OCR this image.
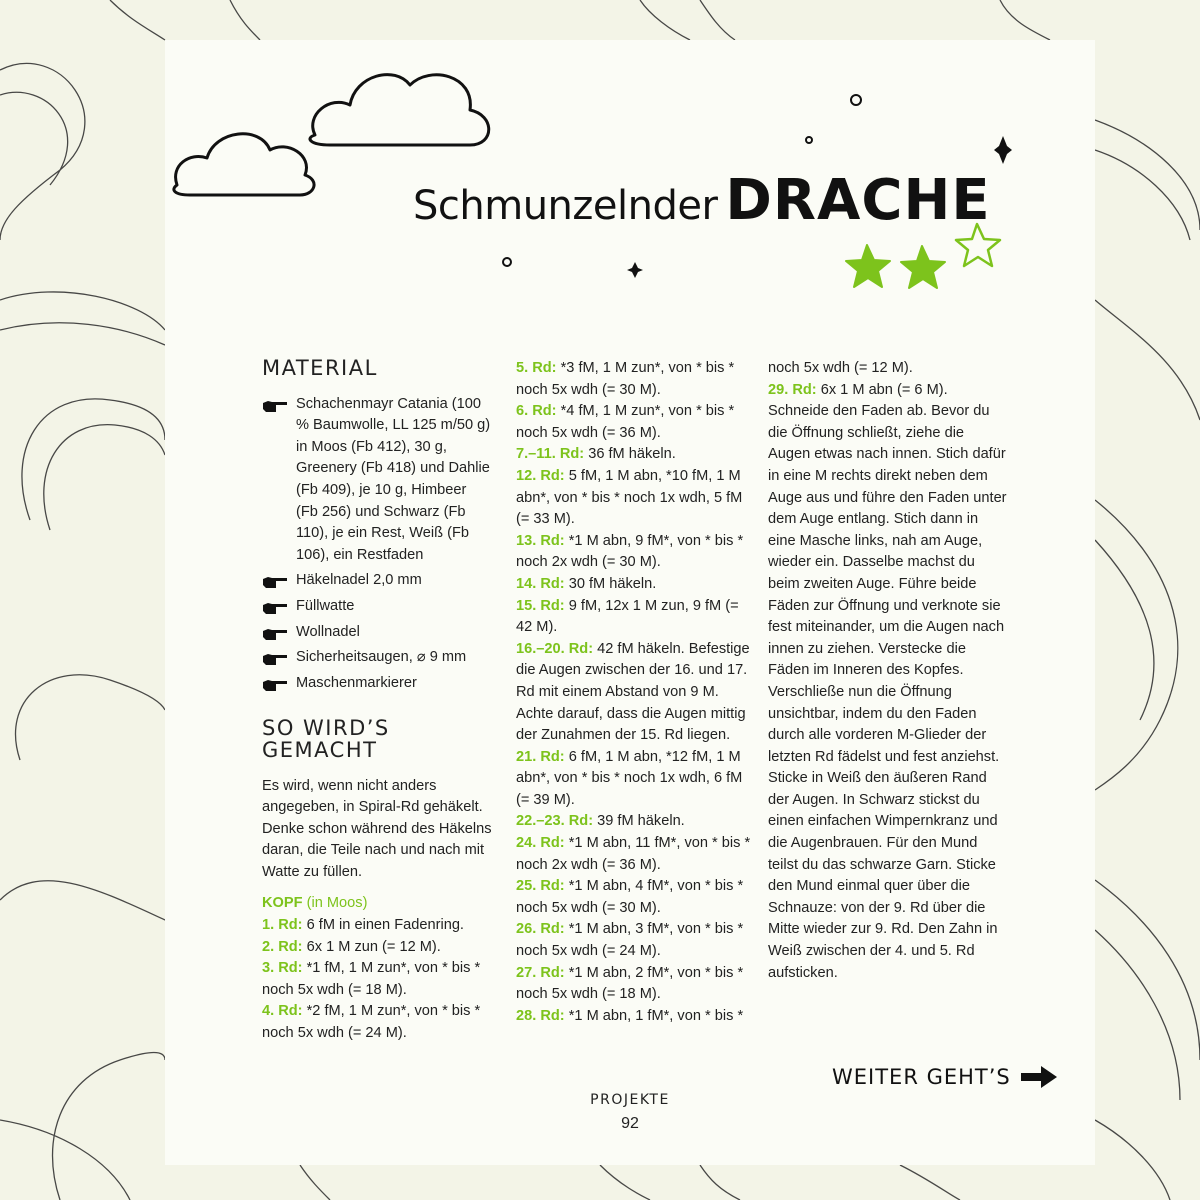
Schmunzelnder DRACHE
MATERIAL
Schachenmayr Catania (100 % Baumwolle, LL 125 m/50 g) in Moos (Fb 412), 30 g, Greenery (Fb 418) und Dahlie (Fb 409), je 10 g, Himbeer (Fb 256) und Schwarz (Fb 110), je ein Rest, Weiß (Fb 106), ein Restfaden
Häkelnadel 2,0 mm
Füllwatte
Wollnadel
Sicherheitsaugen, ⌀ 9 mm
Maschenmarkierer
SO WIRD’S GEMACHT

Es wird, wenn nicht anders angegeben, in Spiral-Rd gehäkelt. Denke schon während des Häkelns daran, die Teile nach und nach mit Watte zu füllen.

KOPF (in Moos)

1. Rd: 6 fM in einen Fadenring.

2. Rd: 6x 1 M zun (= 12 M).

3. Rd: *1 fM, 1 M zun*, von * bis * noch 5x wdh (= 18 M).

4. Rd: *2 fM, 1 M zun*, von * bis * noch 5x wdh (= 24 M).

5. Rd: *3 fM, 1 M zun*, von * bis * noch 5x wdh (= 30 M).

6. Rd: *4 fM, 1 M zun*, von * bis * noch 5x wdh (= 36 M).

7.–11. Rd: 36 fM häkeln.

12. Rd: 5 fM, 1 M abn, *10 fM, 1 M abn*, von * bis * noch 1x wdh, 5 fM (= 33 M).

13. Rd: *1 M abn, 9 fM*, von * bis * noch 2x wdh (= 30 M).

14. Rd: 30 fM häkeln.

15. Rd: 9 fM, 12x 1 M zun, 9 fM (= 42 M).

16.–20. Rd: 42 fM häkeln. Befestige die Augen zwischen der 16. und 17. Rd mit einem Abstand von 9 M. Achte darauf, dass die Augen mittig der Zunahmen der 15. Rd liegen.

21. Rd: 6 fM, 1 M abn, *12 fM, 1 M abn*, von * bis * noch 1x wdh, 6 fM (= 39 M).

22.–23. Rd: 39 fM häkeln.

24. Rd: *1 M abn, 11 fM*, von * bis * noch 2x wdh (= 36 M).

25. Rd: *1 M abn, 4 fM*, von * bis * noch 5x wdh (= 30 M).

26. Rd: *1 M abn, 3 fM*, von * bis * noch 5x wdh (= 24 M).

27. Rd: *1 M abn, 2 fM*, von * bis * noch 5x wdh (= 18 M).

28. Rd: *1 M abn, 1 fM*, von * bis *

noch 5x wdh (= 12 M).

29. Rd: 6x 1 M abn (= 6 M).

Schneide den Faden ab. Bevor du die Öffnung schließt, ziehe die Augen etwas nach innen. Stich dafür in eine M rechts direkt neben dem Auge aus und führe den Faden unter dem Auge entlang. Stich dann in eine Masche links, nah am Auge, wieder ein. Dasselbe machst du beim zweiten Auge. Führe beide Fäden zur Öffnung und verknote sie fest miteinander, um die Augen nach innen zu ziehen. Verstecke die Fäden im Inneren des Kopfes. Verschließe nun die Öffnung unsichtbar, indem du den Faden durch alle vorderen M-Glieder der letzten Rd fädelst und fest anziehst.

Sticke in Weiß den äußeren Rand der Augen. In Schwarz stickst du einen einfachen Wimpernkranz und die Augenbrauen. Für den Mund teilst du das schwarze Garn. Sticke den Mund einmal quer über die Schnauze: von der 9. Rd über die Mitte wieder zur 9. Rd. Den Zahn in Weiß zwischen der 4. und 5. Rd aufsticken.

WEITER GEHT’S
PROJEKTE
92
